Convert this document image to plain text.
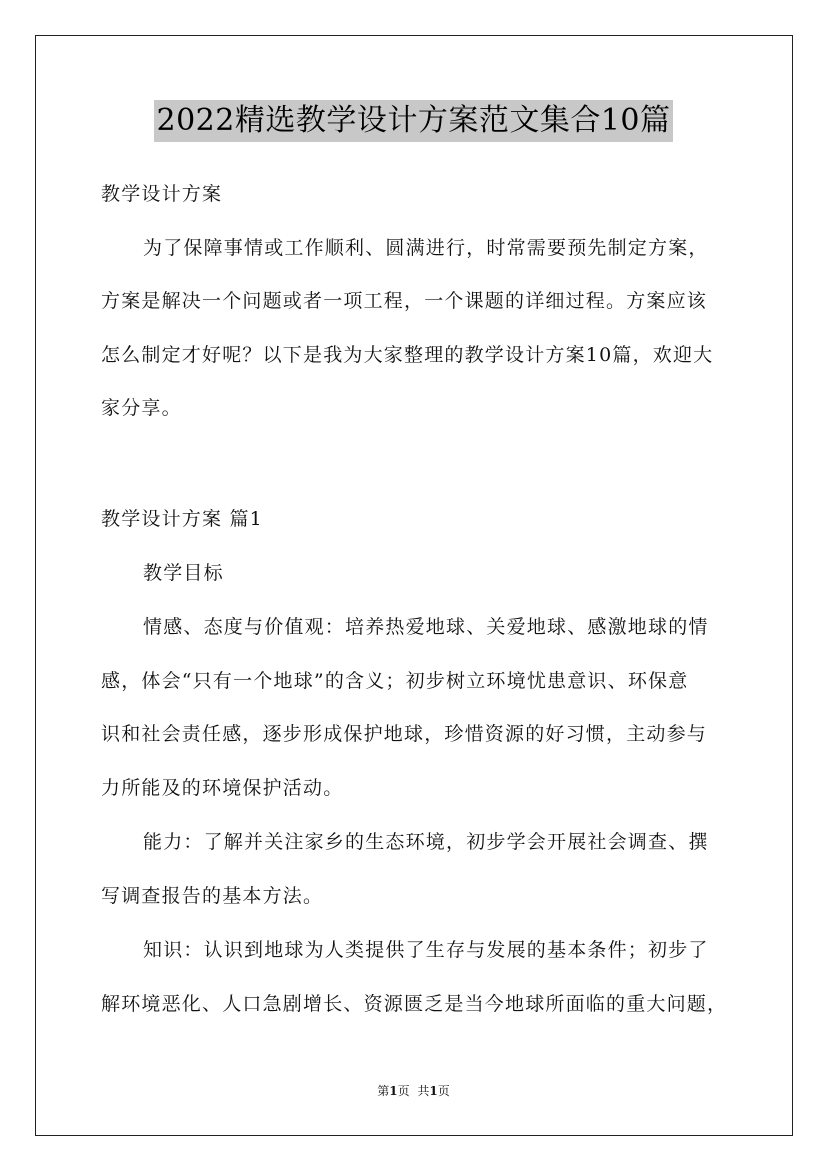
2022精选教学设计方案范文集合10篇
教学设计方案
为了保障事情或工作顺利、圆满进行，时常需要预先制定方案，
方案是解决一个问题或者一项工程，一个课题的详细过程。方案应该
怎么制定才好呢？以下是我为大家整理的教学设计方案10篇，欢迎大
家分享。
教学设计方案 篇1
教学目标
情感、态度与价值观：培养热爱地球、关爱地球、感激地球的情
感，体会“只有一个地球”的含义；初步树立环境忧患意识、环保意
识和社会责任感，逐步形成保护地球，珍惜资源的好习惯，主动参与
力所能及的环境保护活动。
能力：了解并关注家乡的生态环境，初步学会开展社会调查、撰
写调查报告的基本方法。
知识：认识到地球为人类提供了生存与发展的基本条件；初步了
解环境恶化、人口急剧增长、资源匮乏是当今地球所面临的重大问题，
第1页 共1页
